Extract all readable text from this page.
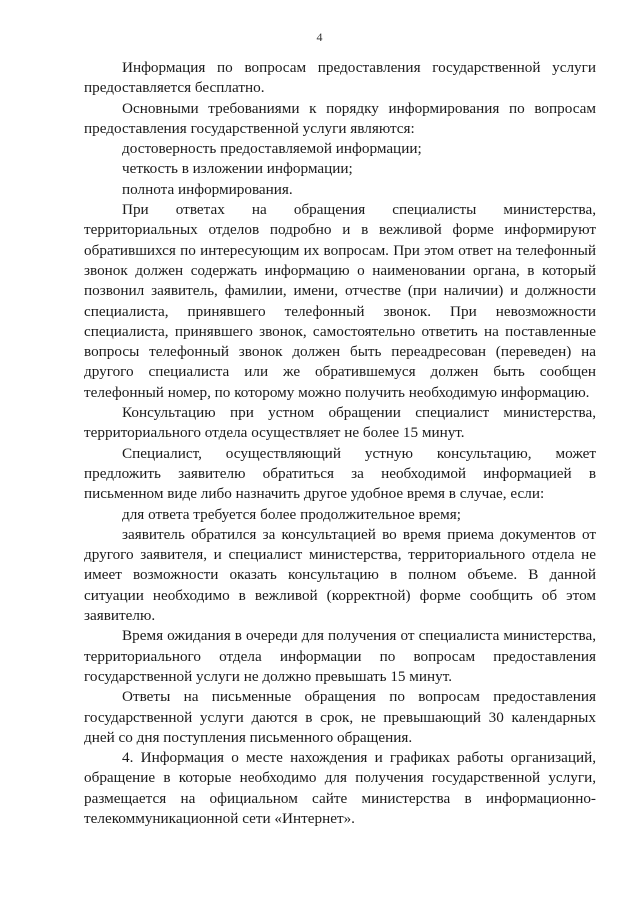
4

Информация по вопросам предоставления государственной услуги предоставляется бесплатно.

Основными требованиями к порядку информирования по вопросам предоставления государственной услуги являются:

достоверность предоставляемой информации;

четкость в изложении информации;

полнота информирования.

При ответах на обращения специалисты министерства, территориальных отделов подробно и в вежливой форме информируют обратившихся по интересующим их вопросам. При этом ответ на телефонный звонок должен содержать информацию о наименовании органа, в который позвонил заявитель, фамилии, имени, отчестве (при наличии) и должности специалиста, принявшего телефонный звонок. При невозможности специалиста, принявшего звонок, самостоятельно ответить на поставленные вопросы телефонный звонок должен быть переадресован (переведен) на другого специалиста или же обратившемуся должен быть сообщен телефонный номер, по которому можно получить необходимую информацию.

Консультацию при устном обращении специалист министерства, территориального отдела осуществляет не более 15 минут.

Специалист, осуществляющий устную консультацию, может предложить заявителю обратиться за необходимой информацией в письменном виде либо назначить другое удобное время в случае, если:

для ответа требуется более продолжительное время;

заявитель обратился за консультацией во время приема документов от другого заявителя, и специалист министерства, территориального отдела не имеет возможности оказать консультацию в полном объеме. В данной ситуации необходимо в вежливой (корректной) форме сообщить об этом заявителю.

Время ожидания в очереди для получения от специалиста министерства, территориального отдела информации по вопросам предоставления государственной услуги не должно превышать 15 минут.

Ответы на письменные обращения по вопросам предоставления государственной услуги даются в срок, не превышающий 30 календарных дней со дня поступления письменного обращения.

4. Информация о месте нахождения и графиках работы организаций, обращение в которые необходимо для получения государственной услуги, размещается на официальном сайте министерства в информационно-телекоммуникационной сети «Интернет».
